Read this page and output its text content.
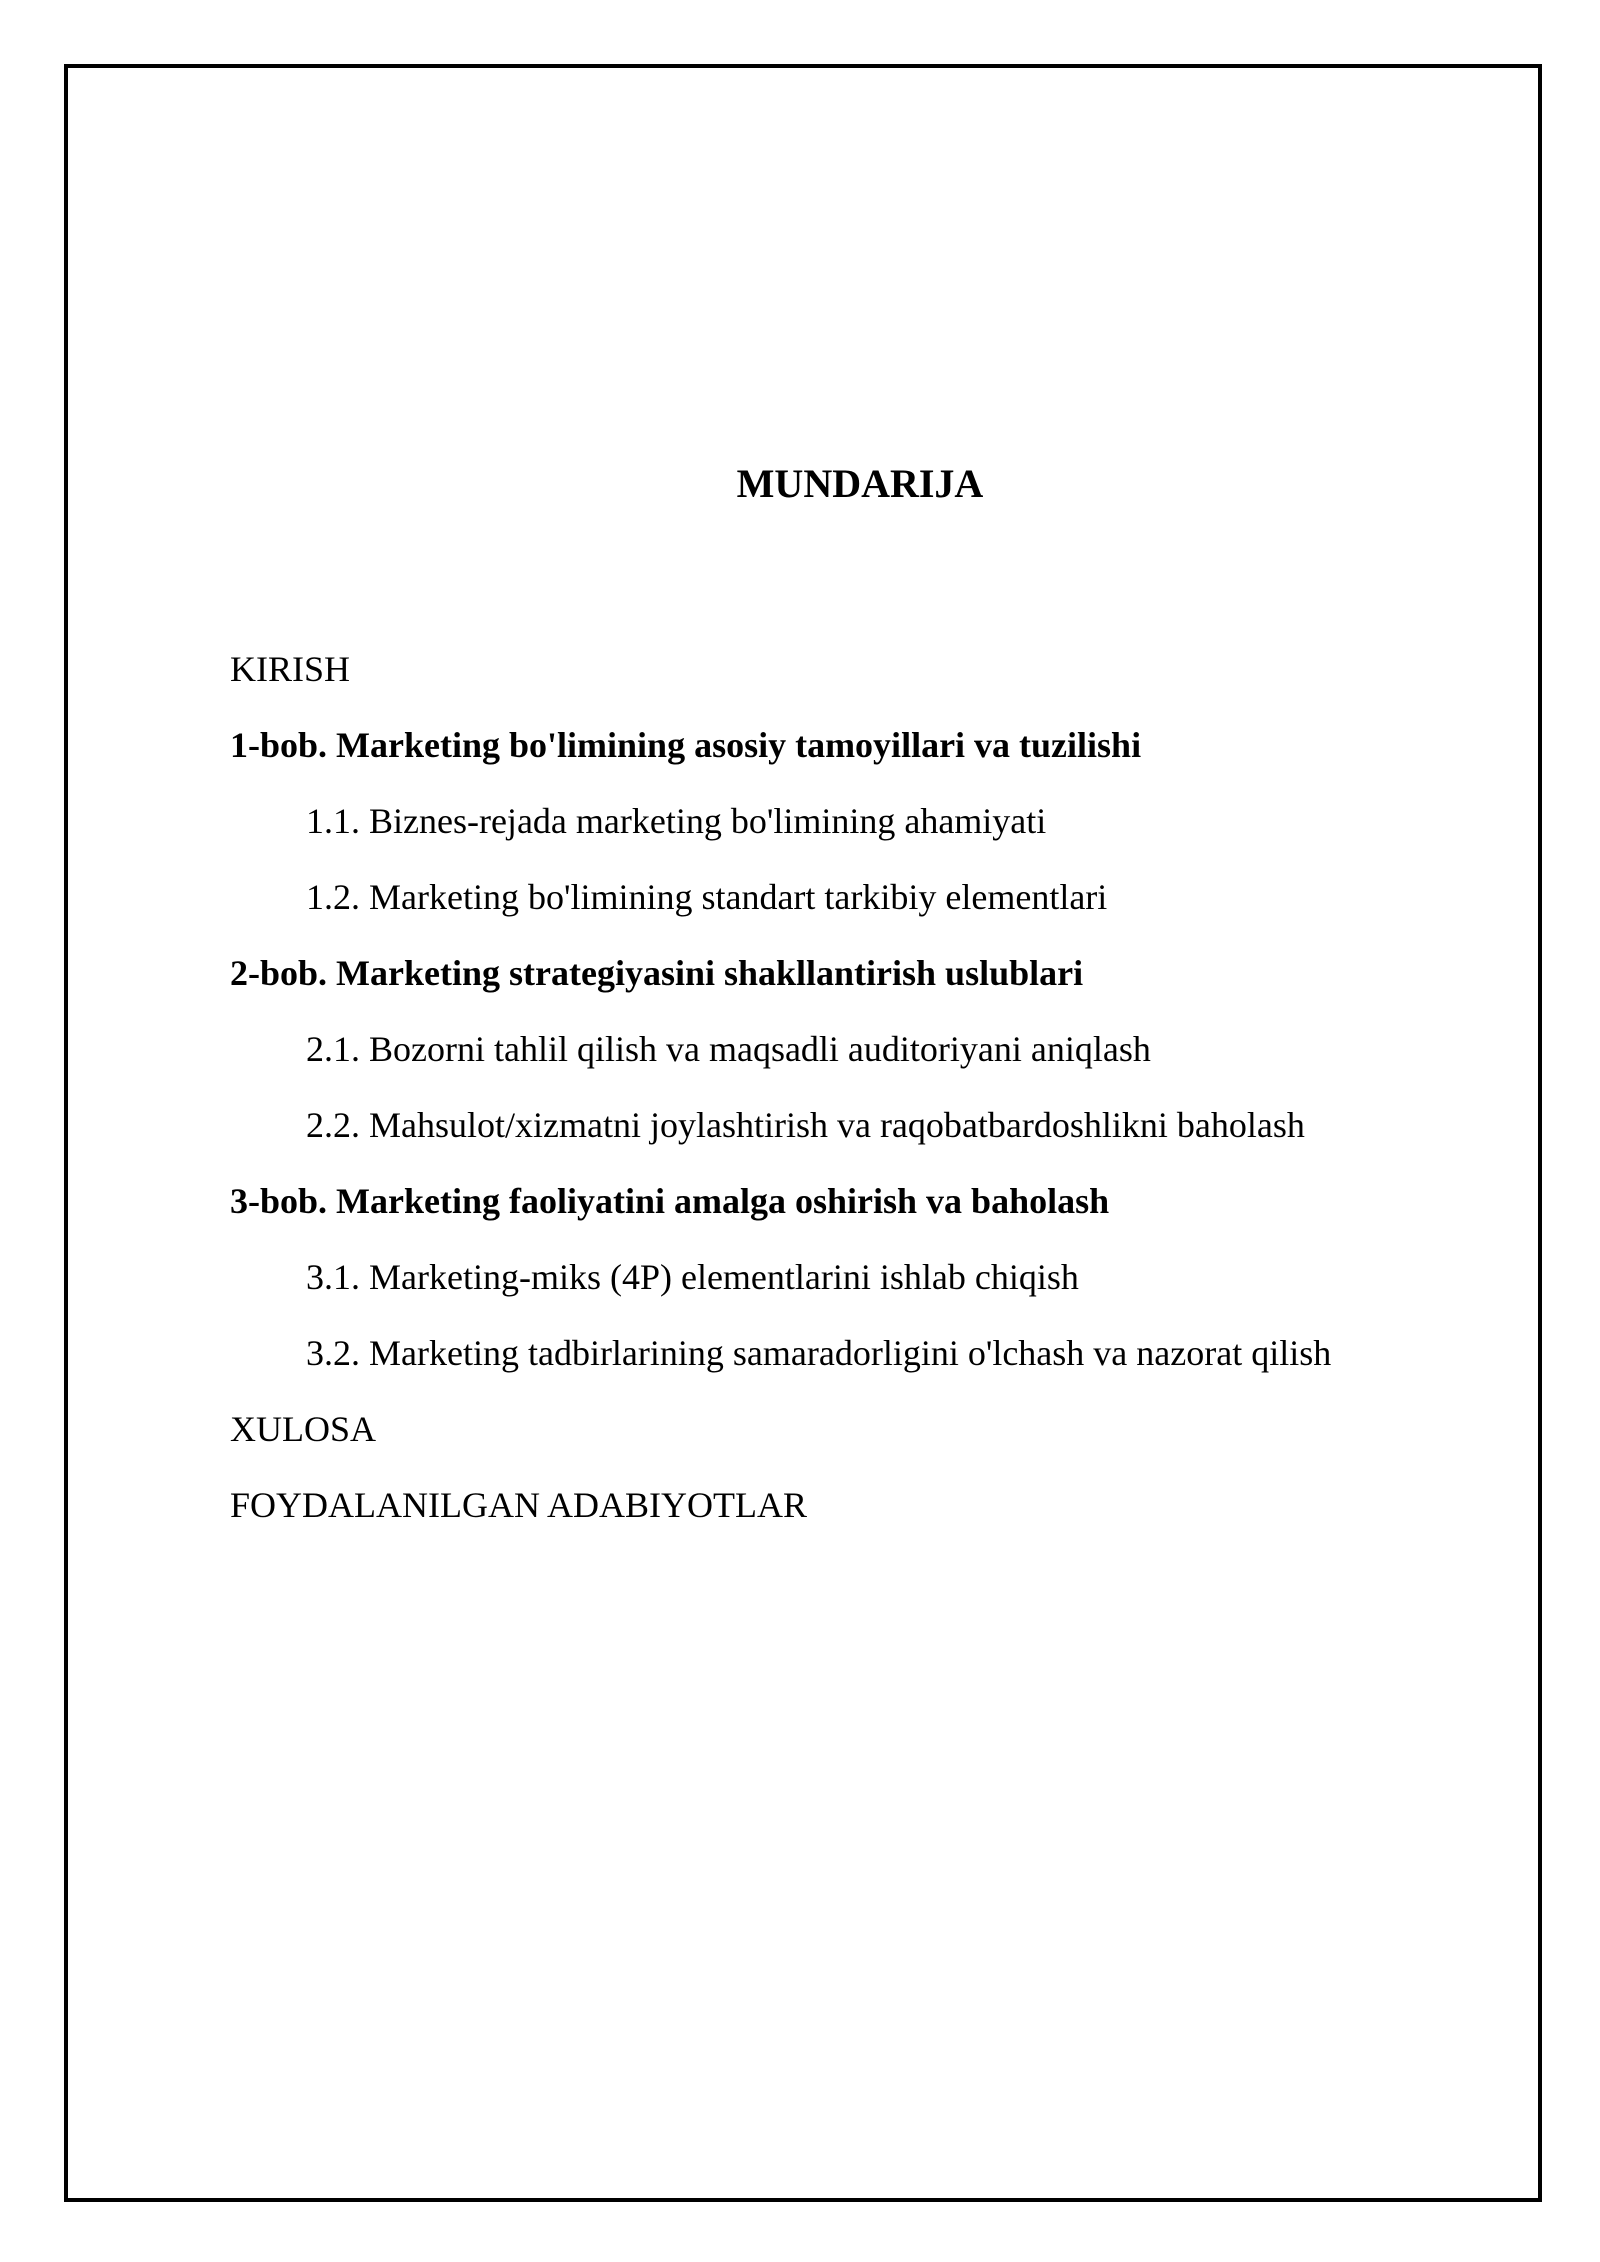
MUNDARIJA
KIRISH
1-bob. Marketing bo'limining asosiy tamoyillari va tuzilishi
1.1. Biznes-rejada marketing bo'limining ahamiyati
1.2. Marketing bo'limining standart tarkibiy elementlari
2-bob. Marketing strategiyasini shakllantirish uslublari
2.1. Bozorni tahlil qilish va maqsadli auditoriyani aniqlash
2.2. Mahsulot/xizmatni joylashtirish va raqobatbardoshlikni baholash
3-bob. Marketing faoliyatini amalga oshirish va baholash
3.1. Marketing-miks (4P) elementlarini ishlab chiqish
3.2. Marketing tadbirlarining samaradorligini o'lchash va nazorat qilish
XULOSA
FOYDALANILGAN ADABIYOTLAR
